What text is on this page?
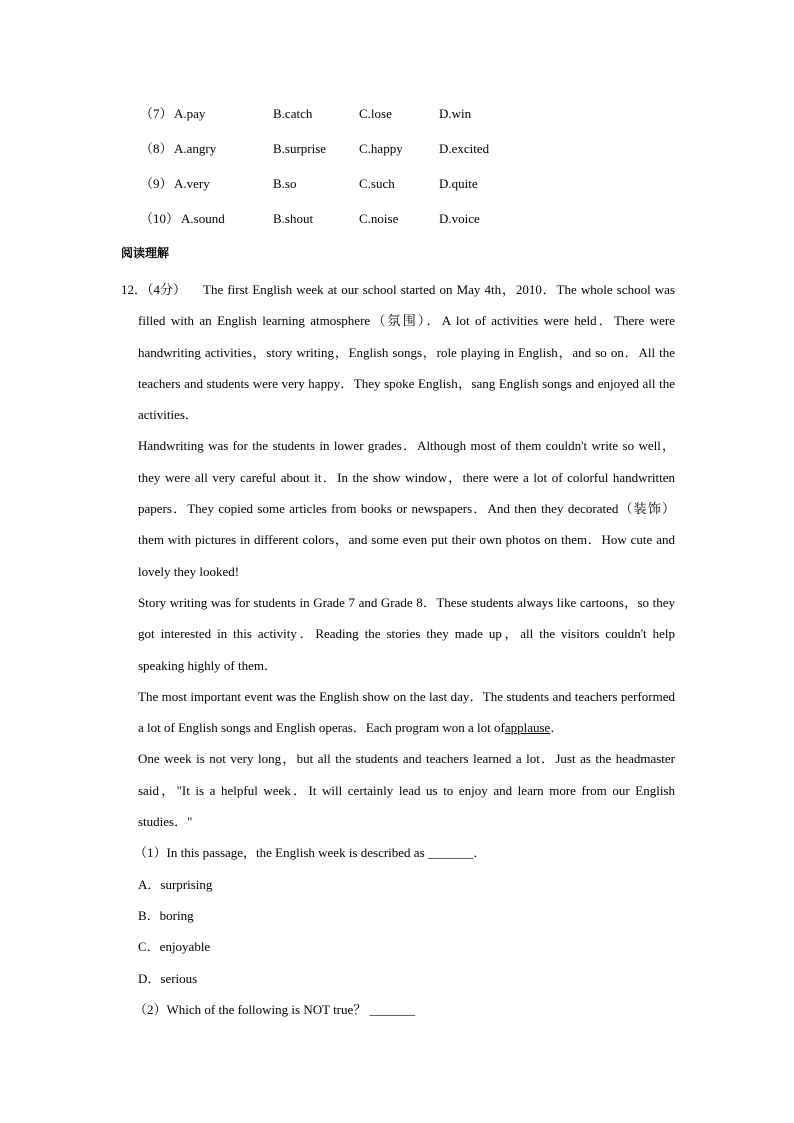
（7） A.pay	B.catch	C.lose	D.win
（8） A.angry	B.surprise	C.happy	D.excited
（9） A.very	B.so	C.such	D.quite
（10） A.sound	B.shout	C.noise	D.voice
阅读理解
12．（4分）	The first English week at our school started on May 4th，2010．The whole school was filled with an English learning atmosphere（氛围）．A lot of activities were held．There were handwriting activities，story writing，English songs，role playing in English，and so on．All the teachers and students were very happy．They spoke English，sang English songs and enjoyed all the activities．

Handwriting was for the students in lower grades．Although most of them couldn't write so well，they were all very careful about it．In the show window，there were a lot of colorful handwritten papers．They copied some articles from books or newspapers．And then they decorated（装饰）them with pictures in different colors，and some even put their own photos on them．How cute and lovely they looked!

Story writing was for students in Grade 7 and Grade 8．These students always like cartoons，so they got interested in this activity．Reading the stories they made up，all the visitors couldn't help speaking highly of them．

The most important event was the English show on the last day．The students and teachers performed a lot of English songs and English operas．Each program won a lot ofapplause．

One week is not very long，but all the students and teachers learned a lot．Just as the headmaster said，"It is a helpful week．It will certainly lead us to enjoy and learn more from our English studies．"

（1）In this passage，the English week is described as _______．

A．surprising

B．boring

C．enjoyable

D．serious

（2）Which of the following is NOT true？ _______
